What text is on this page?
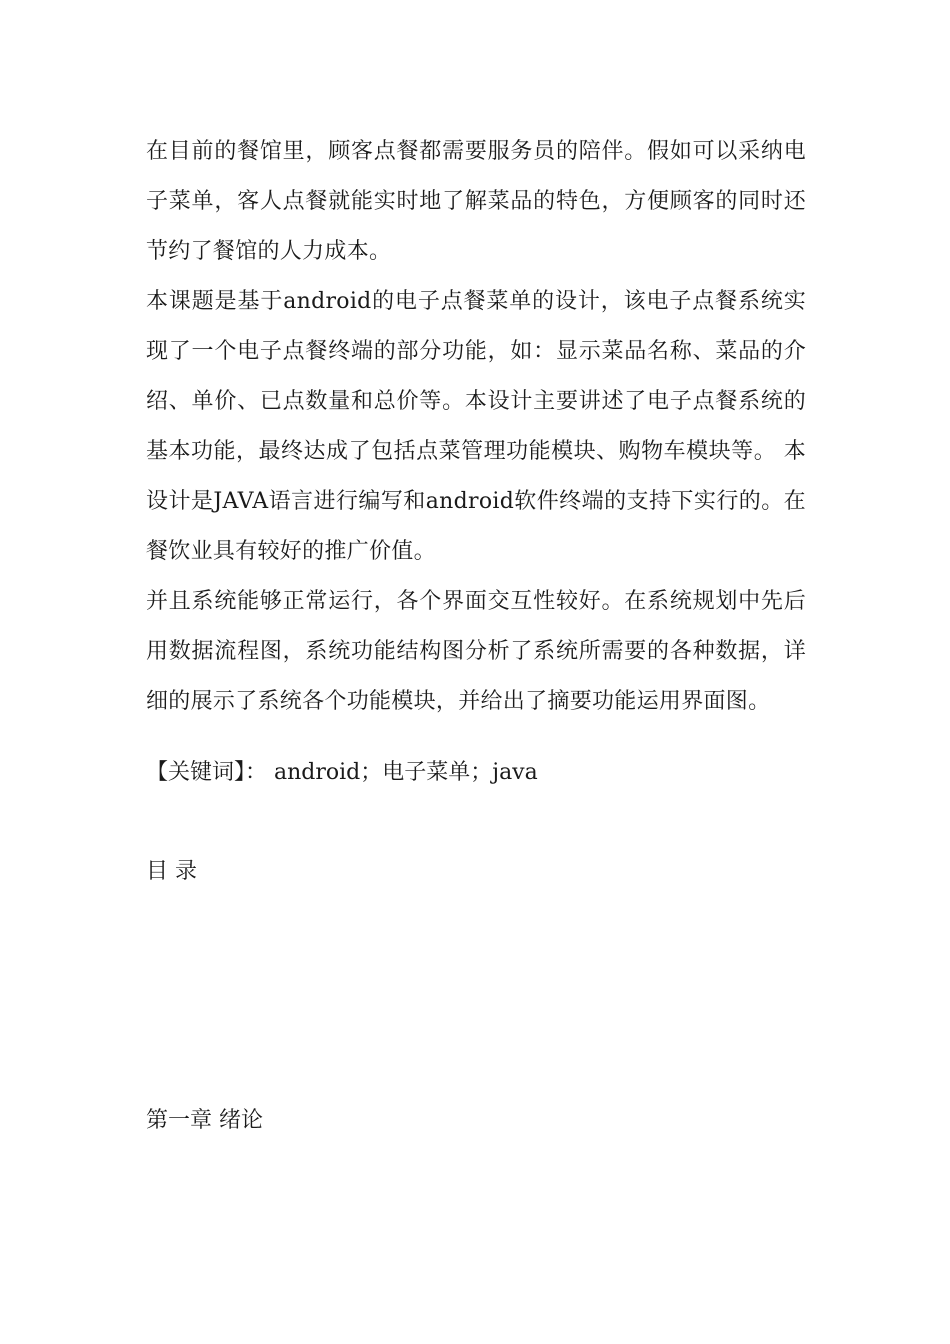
在目前的餐馆里，顾客点餐都需要服务员的陪伴。假如可以采纳电子菜单，客人点餐就能实时地了解菜品的特色，方便顾客的同时还节约了餐馆的人力成本。

本课题是基于android的电子点餐菜单的设计，该电子点餐系统实现了一个电子点餐终端的部分功能，如：显示菜品名称、菜品的介绍、单价、已点数量和总价等。本设计主要讲述了电子点餐系统的基本功能，最终达成了包括点菜管理功能模块、购物车模块等。 本设计是JAVA语言进行编写和android软件终端的支持下实行的。在餐饮业具有较好的推广价值。

并且系统能够正常运行，各个界面交互性较好。在系统规划中先后用数据流程图，系统功能结构图分析了系统所需要的各种数据，详细的展示了系统各个功能模块，并给出了摘要功能运用界面图。

【关键词】： android；电子菜单；java

目 录

第一章 绪论
